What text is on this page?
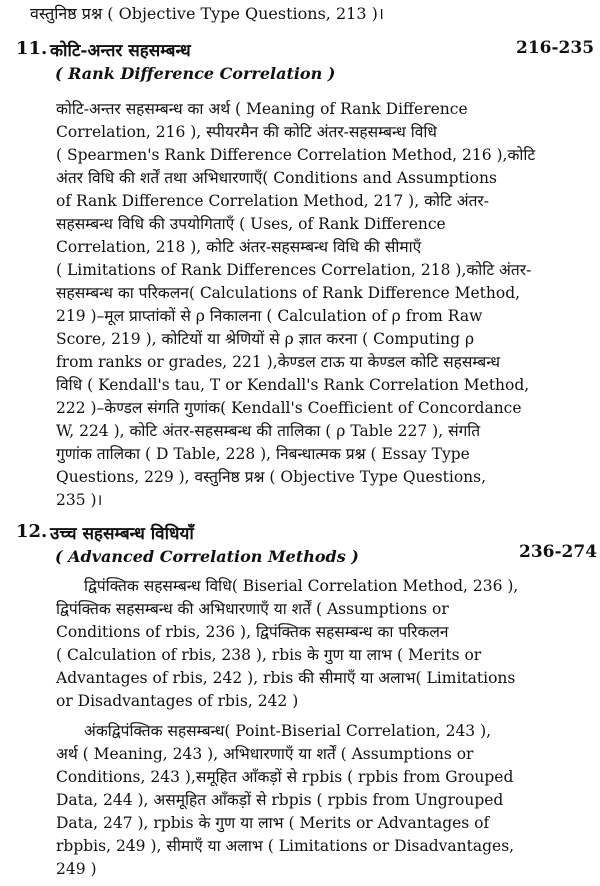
वस्तुनिष्ठ प्रश्न ( Objective Type Questions, 213 )।
11. कोटि-अन्तर सहसम्बन्ध	216-235
( Rank Difference Correlation )
कोटि-अन्तर सहसम्बन्ध का अर्थ ( Meaning of Rank Difference
Correlation, 216 ), स्पीयरमैन की कोटि अंतर-सहसम्बन्ध विधि
( Spearmen's Rank Difference Correlation Method, 216 ),कोटि
अंतर विधि की शर्तें तथा अभिधारणाएँ( Conditions and Assumptions
of Rank Difference Correlation Method, 217 ), कोटि अंतर-
सहसम्बन्ध विधि की उपयोगिताएँ ( Uses, of Rank Difference
Correlation, 218 ), कोटि अंतर-सहसम्बन्ध विधि की सीमाएँ
( Limitations of Rank Differences Correlation, 218 ),कोटि अंतर-
सहसम्बन्ध का परिकलन( Calculations of Rank Difference Method,
219 )–मूल प्राप्तांकों से ρ निकालना ( Calculation of ρ from Raw
Score, 219 ), कोटियों या श्रेणियों से ρ ज्ञात करना ( Computing ρ
from ranks or grades, 221 ),केण्डल टाऊ या केण्डल कोटि सहसम्बन्ध
विधि ( Kendall's tau, T or Kendall's Rank Correlation Method,
222 )–केण्डल संगति गुणांक( Kendall's Coefficient of Concordance
W, 224 ), कोटि अंतर-सहसम्बन्ध की तालिका ( ρ Table 227 ), संगति
गुणांक तालिका ( D Table, 228 ), निबन्धात्मक प्रश्न ( Essay Type
Questions, 229 ), वस्तुनिष्ठ प्रश्न ( Objective Type Questions,
235 )।
12. उच्च सहसम्बन्ध विधियाँ
( Advanced Correlation Methods )	236-274
द्विपंक्तिक सहसम्बन्ध विधि( Biserial Correlation Method, 236 ),
द्विपंक्तिक सहसम्बन्ध की अभिधारणाएँ या शर्तें ( Assumptions or
Conditions of rbis, 236 ), द्विपंक्तिक सहसम्बन्ध का परिकलन
( Calculation of rbis, 238 ), rbis के गुण या लाभ ( Merits or
Advantages of rbis, 242 ), rbis की सीमाएँ या अलाभ( Limitations
or Disadvantages of rbis, 242 )
अंकद्विपंक्तिक सहसम्बन्ध( Point-Biserial Correlation, 243 ),
अर्थ ( Meaning, 243 ), अभिधारणाएँ या शर्तें ( Assumptions or
Conditions, 243 ),समूहित आँकड़ों से rpbis ( rpbis from Grouped
Data, 244 ), असमूहित आँकड़ों से rbpis ( rpbis from Ungrouped
Data, 247 ), rpbis के गुण या लाभ ( Merits or Advantages of
rbpbis, 249 ), सीमाएँ या अलाभ ( Limitations or Disadvantages,
249 )
